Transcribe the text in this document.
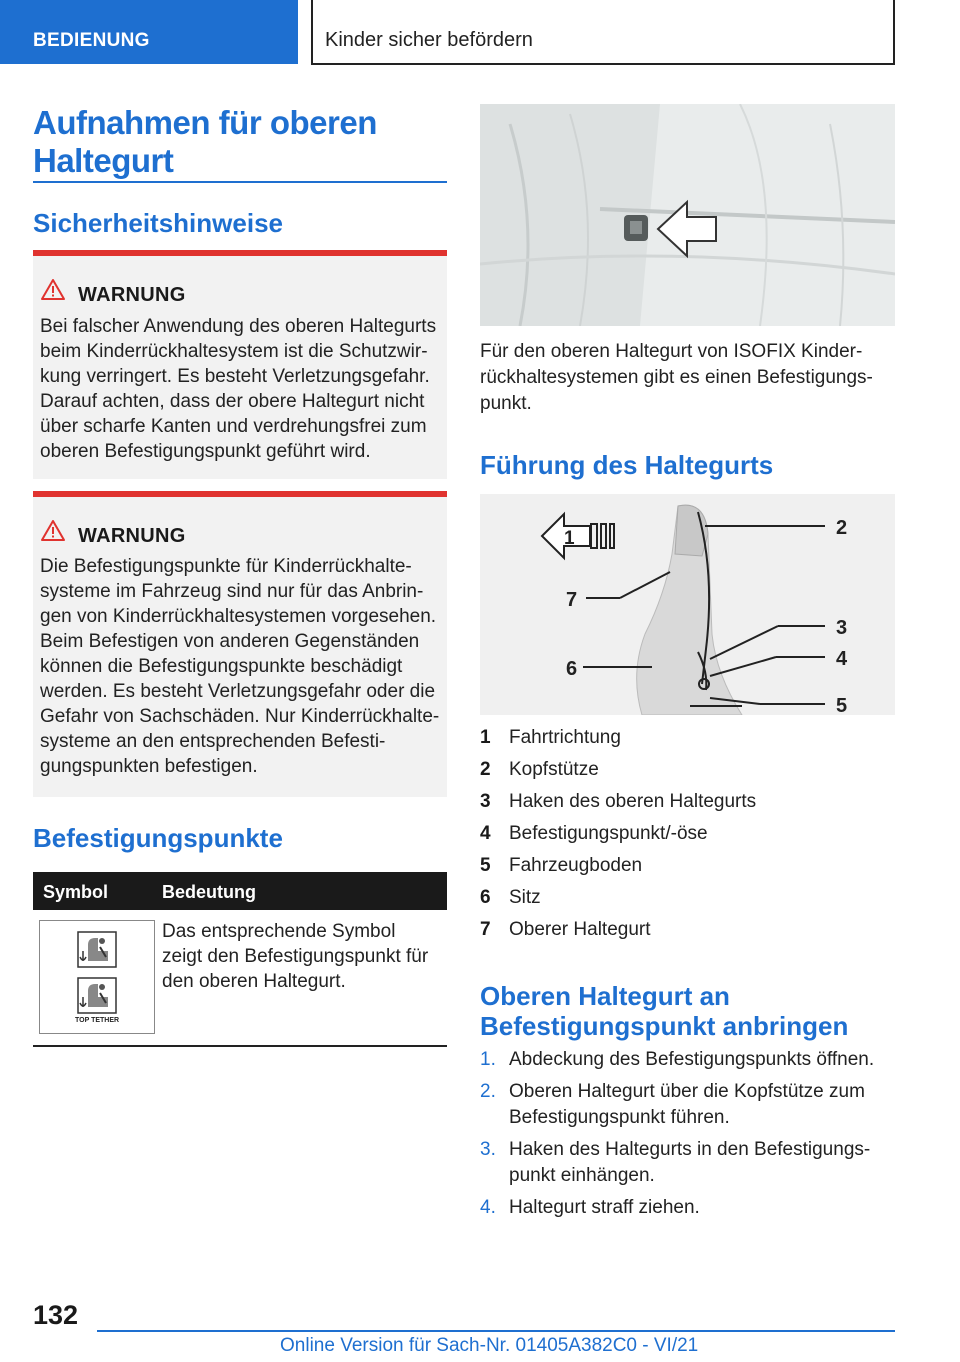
BEDIENUNG	Kinder sicher befördern
Aufnahmen für oberen
Haltegurt
Sicherheitshinweise
WARNUNG
Bei falscher Anwendung des oberen Haltegurts
beim Kinderrückhaltesystem ist die Schutzwir-
kung verringert. Es besteht Verletzungsgefahr.
Darauf achten, dass der obere Haltegurt nicht
über scharfe Kanten und verdrehungsfrei zum
oberen Befestigungspunkt geführt wird.
WARNUNG
Die Befestigungspunkte für Kinderrückhalte-
systeme im Fahrzeug sind nur für das Anbrin-
gen von Kinderrückhaltesystemen vorgesehen.
Beim Befestigen von anderen Gegenständen
können die Befestigungspunkte beschädigt
werden. Es besteht Verletzungsgefahr oder die
Gefahr von Sachschäden. Nur Kinderrückhalte-
systeme an den entsprechenden Befesti-
gungspunkten befestigen.
Befestigungspunkte
Symbol	Bedeutung
TOP TETHER
Das entsprechende Symbol
zeigt den Befestigungspunkt für
den oberen Haltegurt.
Für den oberen Haltegurt von ISOFIX Kinder-
rückhaltesystemen gibt es einen Befestigungs-
punkt.
Führung des Haltegurts
1	2
3
4
5
6
7
1 Fahrtrichtung
2 Kopfstütze
3 Haken des oberen Haltegurts
4 Befestigungspunkt/-öse
5 Fahrzeugboden
6 Sitz
7 Oberer Haltegurt
Oberen Haltegurt an
Befestigungspunkt anbringen
1. Abdeckung des Befestigungspunkts öffnen.
2. Oberen Haltegurt über die Kopfstütze zum
Befestigungspunkt führen.
3. Haken des Haltegurts in den Befestigungs-
punkt einhängen.
4. Haltegurt straff ziehen.
132
Online Version für Sach-Nr. 01405A382C0 - VI/21
